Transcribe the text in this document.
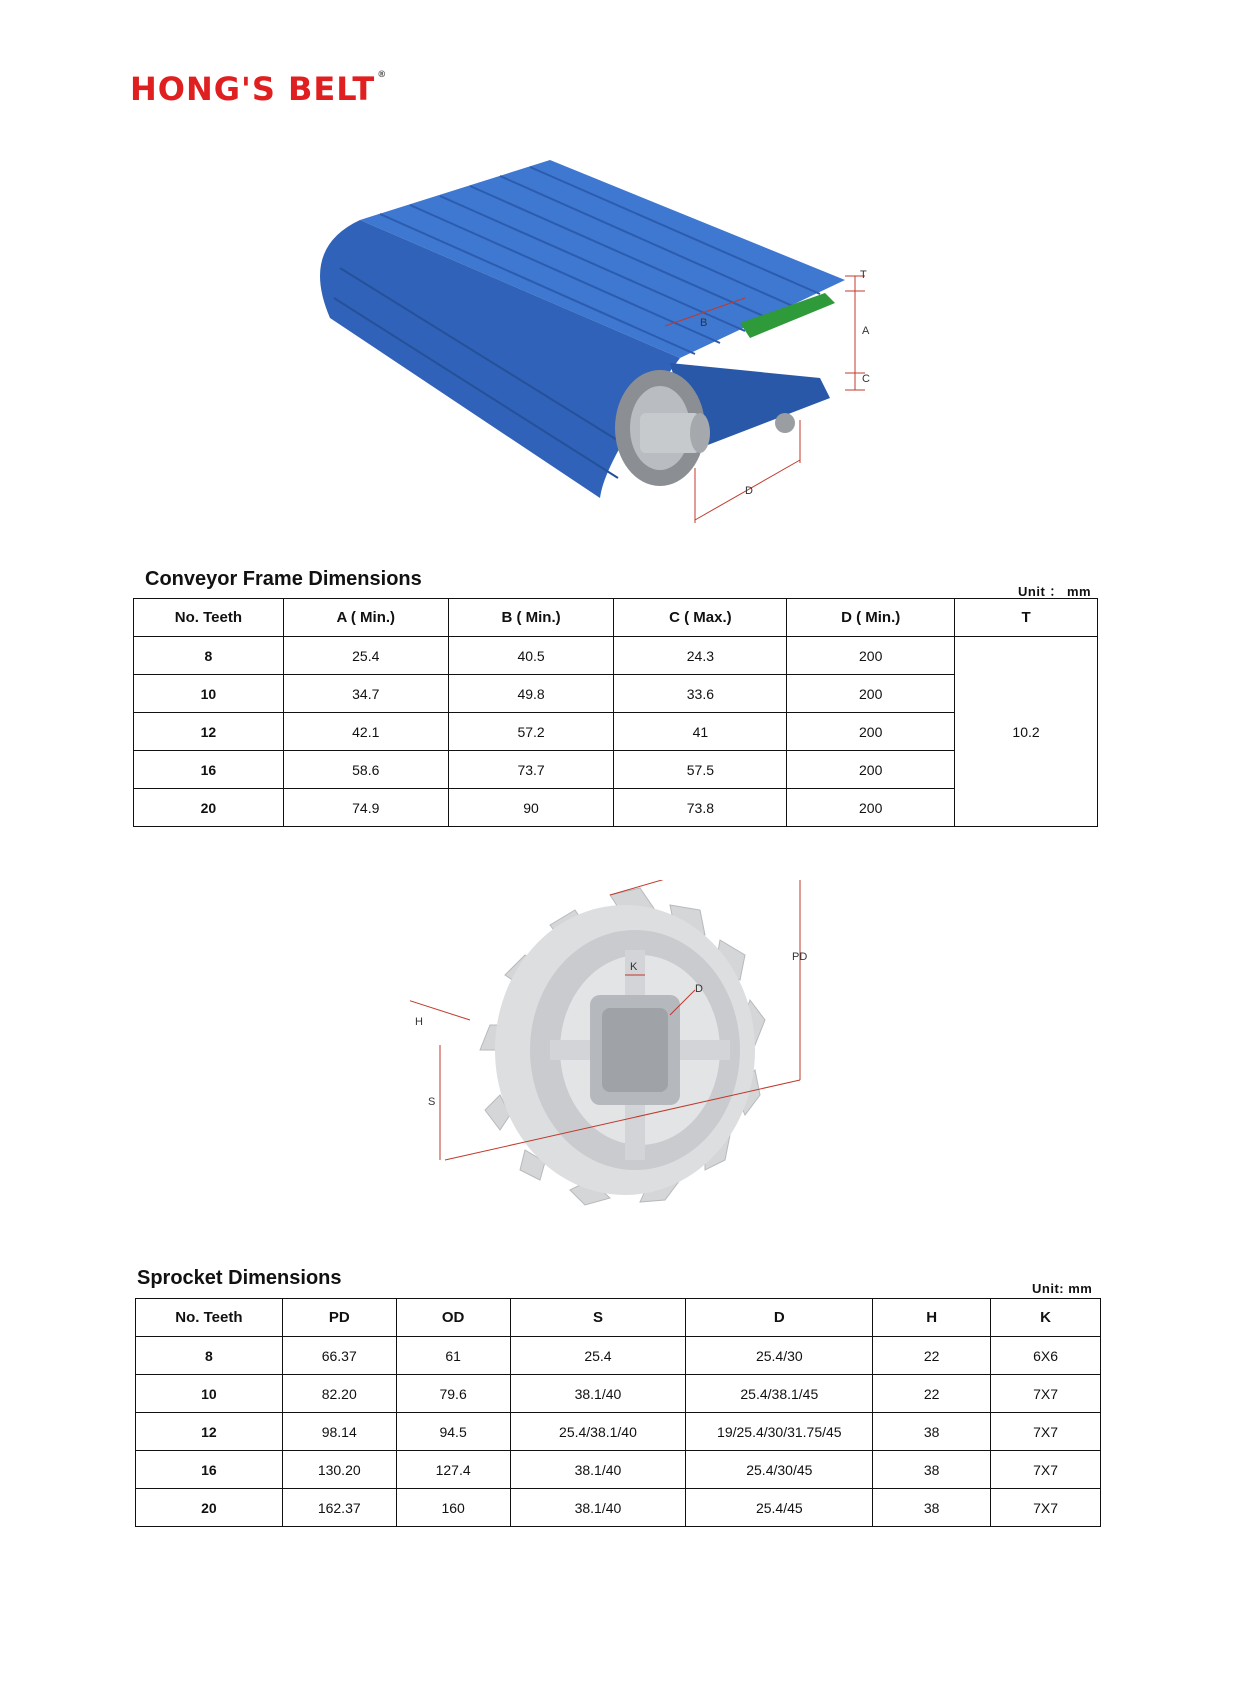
HONG'S BELT ®
T
A
C
B
D
Conveyor Frame Dimensions
Unit ： mm
No. Teeth	A ( Min.)	B ( Min.)	C ( Max.)	D ( Min.)	T
8	25.4	40.5	24.3	200	10.2
10	34.7	49.8	33.6	200	
12	42.1	57.2	41	200	
16	58.6	73.7	57.5	200	
20	74.9	90	73.8	200	
PD
K
D
H
S
Sprocket Dimensions	Unit: mm
No. Teeth	PD	OD	S	D	H	K
8	66.37	61	25.4	25.4/30	22	6X6
10	82.20	79.6	38.1/40	25.4/38.1/45	22	7X7
12	98.14	94.5	25.4/38.1/40	19/25.4/30/31.75/45	38	7X7
16	130.20	127.4	38.1/40	25.4/30/45	38	7X7
20	162.37	160	38.1/40	25.4/45	38	7X7
